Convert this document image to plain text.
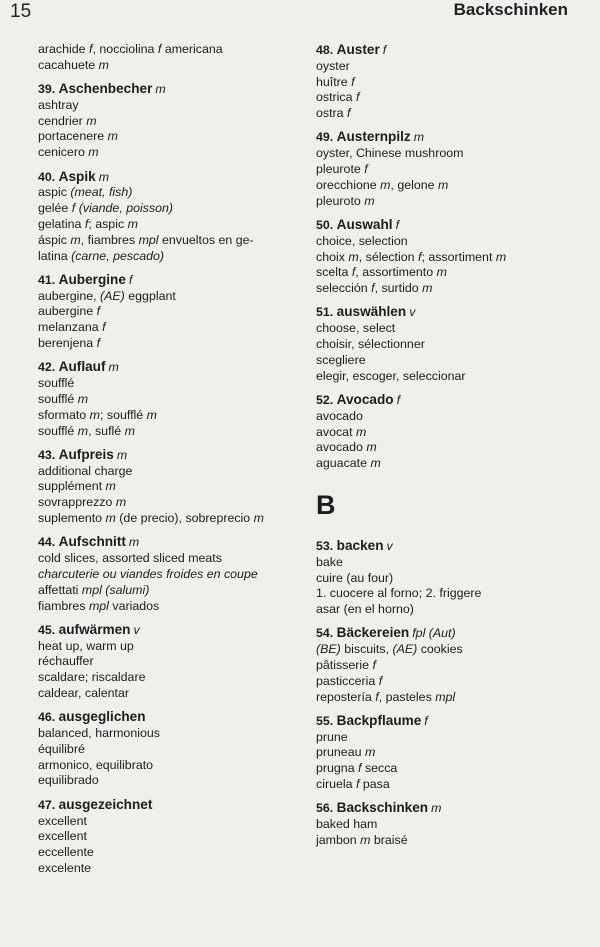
15	Backschinken
arachide f, nocciolina f americana
cacahuete m
39. Aschenbecher m
ashtray
cendrier m
portacenere m
cenicero m
40. Aspik m
aspic (meat, fish)
gelée f (viande, poisson)
gelatina f; aspic m
áspic m, fiambres mpl envueltos en ge-
latina (carne, pescado)
41. Aubergine f
aubergine, (AE) eggplant
aubergine f
melanzana f
berenjena f
42. Auflauf m
soufflé
soufflé m
sformato m; soufflé m
soufflé m, suflé m
43. Aufpreis m
additional charge
supplément m
sovrapprezzo m
suplemento m (de precio), sobreprecio m
44. Aufschnitt m
cold slices, assorted sliced meats
charcuterie ou viandes froides en coupe
affettati mpl (salumi)
fiambres mpl variados
45. aufwärmen v
heat up, warm up
réchauffer
scaldare; riscaldare
caldear, calentar
46. ausgeglichen
balanced, harmonious
équilibré
armonico, equilibrato
equilibrado
47. ausgezeichnet
excellent
excellent
eccellente
excelente
48. Auster f
oyster
huître f
ostrica f
ostra f
49. Austernpilz m
oyster, Chinese mushroom
pleurote f
orecchione m, gelone m
pleuroto m
50. Auswahl f
choice, selection
choix m, sélection f; assortiment m
scelta f, assortimento m
selección f, surtido m
51. auswählen v
choose, select
choisir, sélectionner
scegliere
elegir, escoger, seleccionar
52. Avocado f
avocado
avocat m
avocado m
aguacate m
B
53. backen v
bake
cuire (au four)
1. cuocere al forno; 2. friggere
asar (en el horno)
54. Bäckereien fpl (Aut)
(BE) biscuits, (AE) cookies
pâtisserie f
pasticceria f
repostería f, pasteles mpl
55. Backpflaume f
prune
pruneau m
prugna f secca
ciruela f pasa
56. Backschinken m
baked ham
jambon m braisé
